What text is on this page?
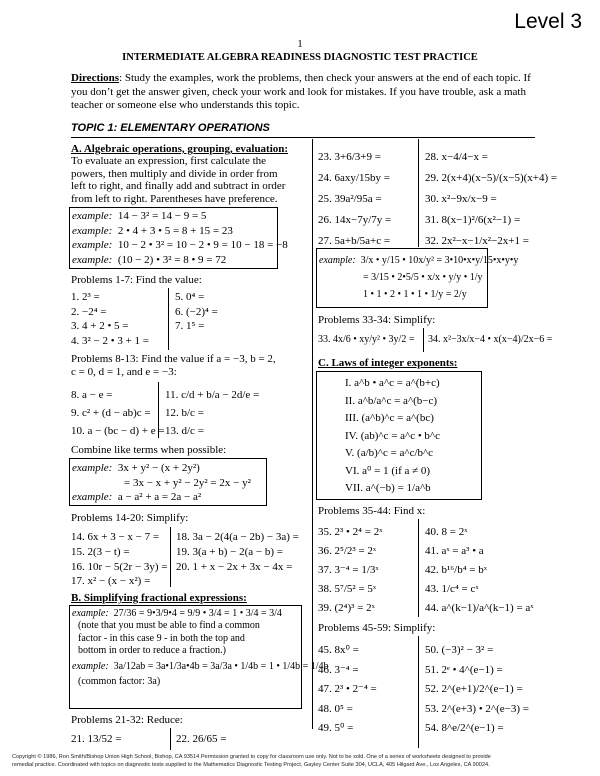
Level 3
1
INTERMEDIATE ALGEBRA READINESS DIAGNOSTIC TEST PRACTICE
Directions: Study the examples, work the problems, then check your answers at the end of each topic. If you don’t get the answer given, check your work and look for mistakes. If you have trouble, ask a math teacher or someone else who understands this topic.
TOPIC 1: ELEMENTARY OPERATIONS
A. Algebraic operations, grouping, evaluation:
To evaluate an expression, first calculate the
powers, then multiply and divide in order from
left to right, and finally add and subtract in order
from left to right. Parentheses have preference.
example: 14 − 3² = 14 − 9 = 5
example: 2 • 4 + 3 • 5 = 8 + 15 = 23
example: 10 − 2 • 3² = 10 − 2 • 9 = 10 − 18 = −8
example: (10 − 2) • 3² = 8 • 9 = 72
Problems 1-7: Find the value:
1. 2³ =
2. −2⁴ =
3. 4 + 2 • 5 =
4. 3² − 2 • 3 + 1 =
5. 0⁴ =
6. (−2)⁴ =
7. 1⁵ =
Problems 8-13: Find the value if a = −3, b = 2,
c = 0, d = 1, and e = −3:
8. a − e =
9. c² + (d − ab)c =
10. a − (bc − d) + e =
11. c/d + b/a − 2d/e =
12. b/c =
13. d/c =
Combine like terms when possible:
example: 3x + y² − (x + 2y²)
= 3x − x + y² − 2y² = 2x − y²
example: a − a² + a = 2a − a²
Problems 14-20: Simplify:
14. 6x + 3 − x − 7 =
15. 2(3 − t) =
16. 10r − 5(2r − 3y) =
17. x² − (x − x²) =
18. 3a − 2(4(a − 2b) − 3a) =
19. 3(a + b) − 2(a − b) =
20. 1 + x − 2x + 3x − 4x =
B. Simplifying fractional expressions:
example: 27/36 = 9•3/9•4 = 9/9 • 3/4 = 1 • 3/4 = 3/4
(note that you must be able to find a common
factor - in this case 9 - in both the top and
bottom in order to reduce a fraction.)
example: 3a/12ab = 3a•1/3a•4b = 3a/3a • 1/4b = 1 • 1/4b = 1/4b
(common factor: 3a)
Problems 21-32: Reduce:
21. 13/52 =	22. 26/65 =
23. 3+6/3+9 =
24. 6axy/15by =
25. 39a²/95a =
26. 14x−7y/7y =
27. 5a+b/5a+c =
28. x−4/4−x =
29. 2(x+4)(x−5)/(x−5)(x+4) =
30. x²−9x/x−9 =
31. 8(x−1)²/6(x²−1) =
32. 2x²−x−1/x²−2x+1 =
example: 3/x • y/15 • 10x/y² = 3•10•x•y/15•x•y•y
= 3/15 • 2•5/5 • x/x • y/y • 1/y
1 • 1 • 2 • 1 • 1 • 1/y = 2/y
Problems 33-34: Simplify:
33. 4x/6 • xy/y² • 3y/2 = 34. x²−3x/x−4 • x(x−4)/2x−6 =
C. Laws of integer exponents:
I. a^b • a^c = a^(b+c)
II. a^b/a^c = a^(b−c)
III. (a^b)^c = a^(bc)
IV. (ab)^c = a^c • b^c
V. (a/b)^c = a^c/b^c
VI. a⁰ = 1 (if a ≠ 0)
VII. a^(−b) = 1/a^b
Problems 35-44: Find x:
35. 2³ • 2⁴ = 2ˣ
36. 2⁵/2³ = 2ˣ
37. 3⁻⁴ = 1/3ˣ
38. 5⁷/5² = 5ˣ
39. (2⁴)³ = 2ˣ
40. 8 = 2ˣ
41. aˣ = a³ • a
42. b¹⁶/b⁴ = bˣ
43. 1/c⁴ = cˣ
44. a^(k−1)/a^(k−1) = aˣ
Problems 45-59: Simplify:
45. 8x⁰ =
46. 3⁻⁴ =
47. 2³ • 2⁻⁴ =
48. 0⁵ =
49. 5⁰ =
50. (−3)² − 3² =
51. 2ᵉ • 4^(e−1) =
52. 2^(e+1)/2^(e−1) =
53. 2^(e+3) • 2^(e−3) =
54. 8^e/2^(e−1) =
Copyright © 1986, Ron Smith/Bishop Union High School, Bishop, CA 93514 Permission granted to copy for classroom use only. Not to be sold. One of a series of worksheets designed to provide
remedial practice. Coordinated with topics on diagnostic tests supplied to the Mathematics Diagnostic Testing Project, Gayley Center Suite 304, UCLA, 405 Hilgard Ave., Los Angeles, CA 90024.
